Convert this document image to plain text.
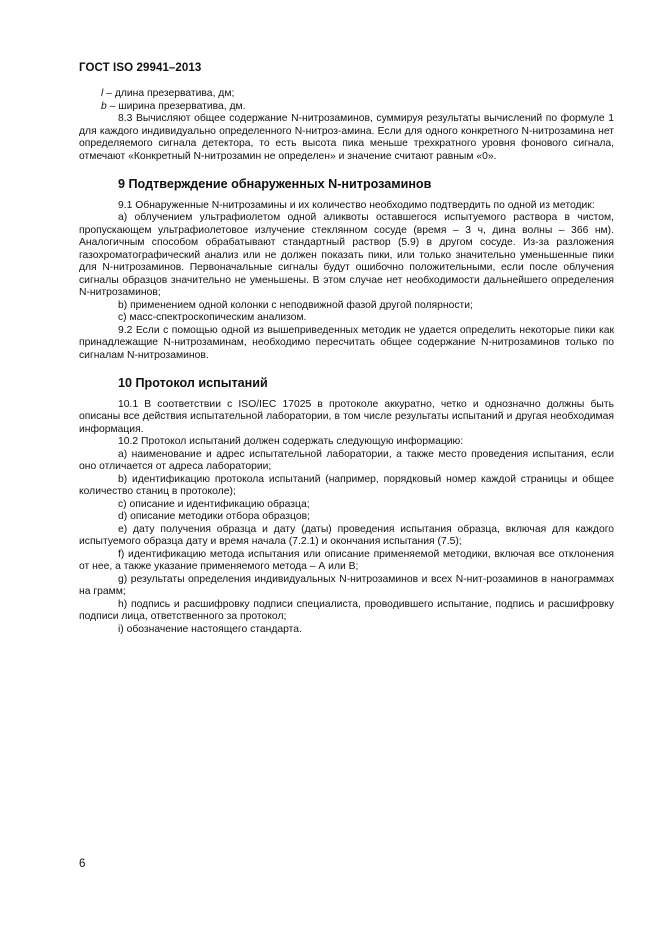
ГОСТ ISO 29941–2013

l – длина презерватива, дм;

b – ширина презерватива, дм.

8.3 Вычисляют общее содержание N-нитрозаминов, суммируя результаты вычислений по формуле 1 для каждого индивидуально определенного N-нитроз-амина. Если для одного конкретного N-нитрозамина нет определяемого сигнала детектора, то есть высота пика меньше трехкратного уровня фонового сигнала, отмечают «Конкретный N-нитрозамин не определен» и значение считают равным «0».

9 Подтверждение обнаруженных N-нитрозаминов

9.1 Обнаруженные N-нитрозамины и их количество необходимо подтвердить по одной из методик:

а) облучением ультрафиолетом одной аликвоты оставшегося испытуемого раствора в чистом, пропускающем ультрафиолетовое излучение стеклянном сосуде (время – 3 ч, дина волны – 366 нм). Аналогичным способом обрабатывают стандартный раствор (5.9) в другом сосуде. Из-за разложения газохроматографический анализ или не должен показать пики, или только значительно уменьшенные пики для N-нитрозаминов. Первоначальные сигналы будут ошибочно положительными, если после облучения сигналы образцов значительно не уменьшены. В этом случае нет необходимости дальнейшего определения N-нитрозаминов;

b) применением одной колонки с неподвижной фазой другой полярности;

с) масс-спектроскопическим анализом.

9.2 Если с помощью одной из вышеприведенных методик не удается определить некоторые пики как принадлежащие N-нитрозаминам, необходимо пересчитать общее содержание N-нитрозаминов только по сигналам N-нитрозаминов.

10 Протокол испытаний

10.1 В соответствии с ISO/IEC 17025 в протоколе аккуратно, четко и однозначно должны быть описаны все действия испытательной лаборатории, в том числе результаты испытаний и другая необходимая информация.

10.2 Протокол испытаний должен содержать следующую информацию:

а) наименование и адрес испытательной лаборатории, а также место проведения испытания, если оно отличается от адреса лаборатории;

b) идентификацию протокола испытаний (например, порядковый номер каждой страницы и общее количество станиц в протоколе);

с) описание и идентификацию образца;

d) описание методики отбора образцов;

е) дату получения образца и дату (даты) проведения испытания образца, включая для каждого испытуемого образца дату и время начала (7.2.1) и окончания испытания (7.5);

f) идентификацию метода испытания или описание применяемой методики, включая все отклонения от нее, а также указание применяемого метода – А или В;

g) результаты определения индивидуальных N-нитрозаминов и всех N-нит-розаминов в нанограммах на грамм;

h) подпись и расшифровку подписи специалиста, проводившего испытание, подпись и расшифровку подписи лица, ответственного за протокол;

i) обозначение настоящего стандарта.

6
